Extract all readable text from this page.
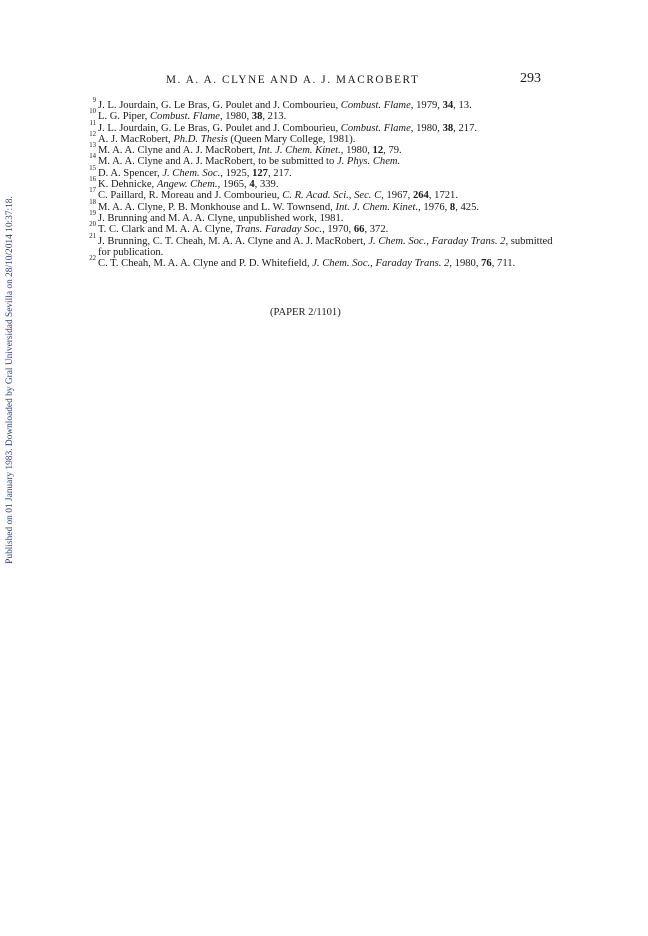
Published on 01 January 1983. Downloaded by Gral Universidad Sevilla on 28/10/2014 10:37:18.
M. A. A. CLYNE AND A. J. MACROBERT	293
9 J. L. Jourdain, G. Le Bras, G. Poulet and J. Combourieu, Combust. Flame, 1979, 34, 13.
10 L. G. Piper, Combust. Flame, 1980, 38, 213.
11 J. L. Jourdain, G. Le Bras, G. Poulet and J. Combourieu, Combust. Flame, 1980, 38, 217.
12 A. J. MacRobert, Ph.D. Thesis (Queen Mary College, 1981).
13 M. A. A. Clyne and A. J. MacRobert, Int. J. Chem. Kinet., 1980, 12, 79.
14 M. A. A. Clyne and A. J. MacRobert, to be submitted to J. Phys. Chem.
15 D. A. Spencer, J. Chem. Soc., 1925, 127, 217.
16 K. Dehnicke, Angew. Chem., 1965, 4, 339.
17 C. Paillard, R. Moreau and J. Combourieu, C. R. Acad. Sci., Sec. C, 1967, 264, 1721.
18 M. A. A. Clyne, P. B. Monkhouse and L. W. Townsend, Int. J. Chem. Kinet., 1976, 8, 425.
19 J. Brunning and M. A. A. Clyne, unpublished work, 1981.
20 T. C. Clark and M. A. A. Clyne, Trans. Faraday Soc., 1970, 66, 372.
21 J. Brunning, C. T. Cheah, M. A. A. Clyne and A. J. MacRobert, J. Chem. Soc., Faraday Trans. 2, submitted for publication.
22 C. T. Cheah, M. A. A. Clyne and P. D. Whitefield, J. Chem. Soc., Faraday Trans. 2, 1980, 76, 711.
(PAPER 2/1101)
